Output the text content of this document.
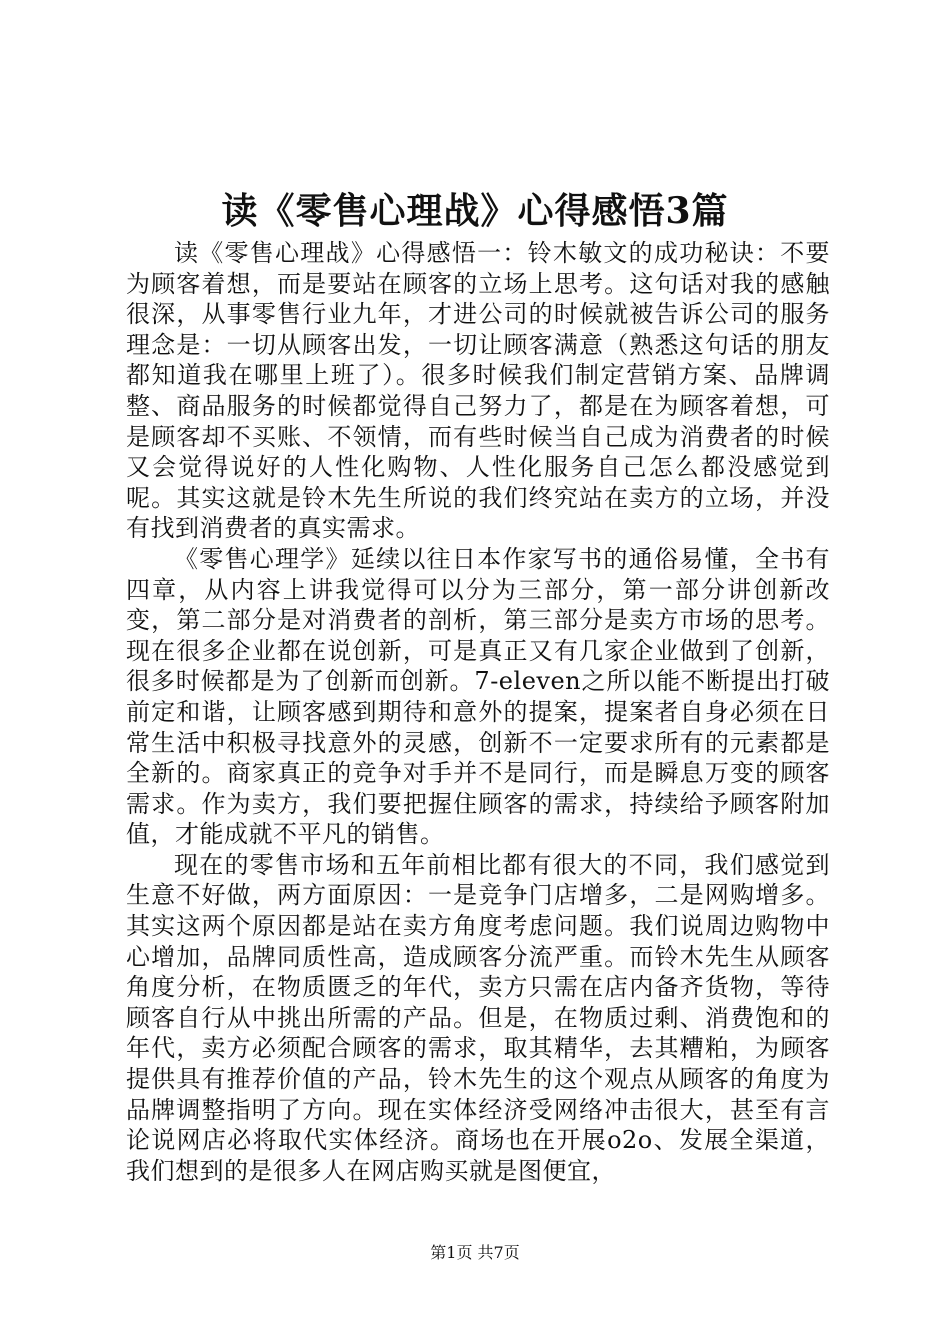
读《零售心理战》心得感悟3篇

读《零售心理战》心得感悟一：铃木敏文的成功秘诀：不要为顾客着想，而是要站在顾客的立场上思考。这句话对我的感触很深，从事零售行业九年，才进公司的时候就被告诉公司的服务理念是：一切从顾客出发，一切让顾客满意（熟悉这句话的朋友都知道我在哪里上班了）。很多时候我们制定营销方案、品牌调整、商品服务的时候都觉得自己努力了，都是在为顾客着想，可是顾客却不买账、不领情，而有些时候当自己成为消费者的时候又会觉得说好的人性化购物、人性化服务自己怎么都没感觉到呢。其实这就是铃木先生所说的我们终究站在卖方的立场，并没有找到消费者的真实需求。

《零售心理学》延续以往日本作家写书的通俗易懂，全书有四章，从内容上讲我觉得可以分为三部分，第一部分讲创新改变，第二部分是对消费者的剖析，第三部分是卖方市场的思考。现在很多企业都在说创新，可是真正又有几家企业做到了创新，很多时候都是为了创新而创新。7-eleven之所以能不断提出打破前定和谐，让顾客感到期待和意外的提案，提案者自身必须在日常生活中积极寻找意外的灵感，创新不一定要求所有的元素都是全新的。商家真正的竞争对手并不是同行，而是瞬息万变的顾客需求。作为卖方，我们要把握住顾客的需求，持续给予顾客附加值，才能成就不平凡的销售。

现在的零售市场和五年前相比都有很大的不同，我们感觉到生意不好做，两方面原因：一是竞争门店增多，二是网购增多。其实这两个原因都是站在卖方角度考虑问题。我们说周边购物中心增加，品牌同质性高，造成顾客分流严重。而铃木先生从顾客角度分析，在物质匮乏的年代，卖方只需在店内备齐货物，等待顾客自行从中挑出所需的产品。但是，在物质过剩、消费饱和的年代，卖方必须配合顾客的需求，取其精华，去其糟粕，为顾客提供具有推荐价值的产品，铃木先生的这个观点从顾客的角度为品牌调整指明了方向。现在实体经济受网络冲击很大，甚至有言论说网店必将取代实体经济。商场也在开展o2o、发展全渠道，我们想到的是很多人在网店购买就是图便宜，

第1页 共7页
